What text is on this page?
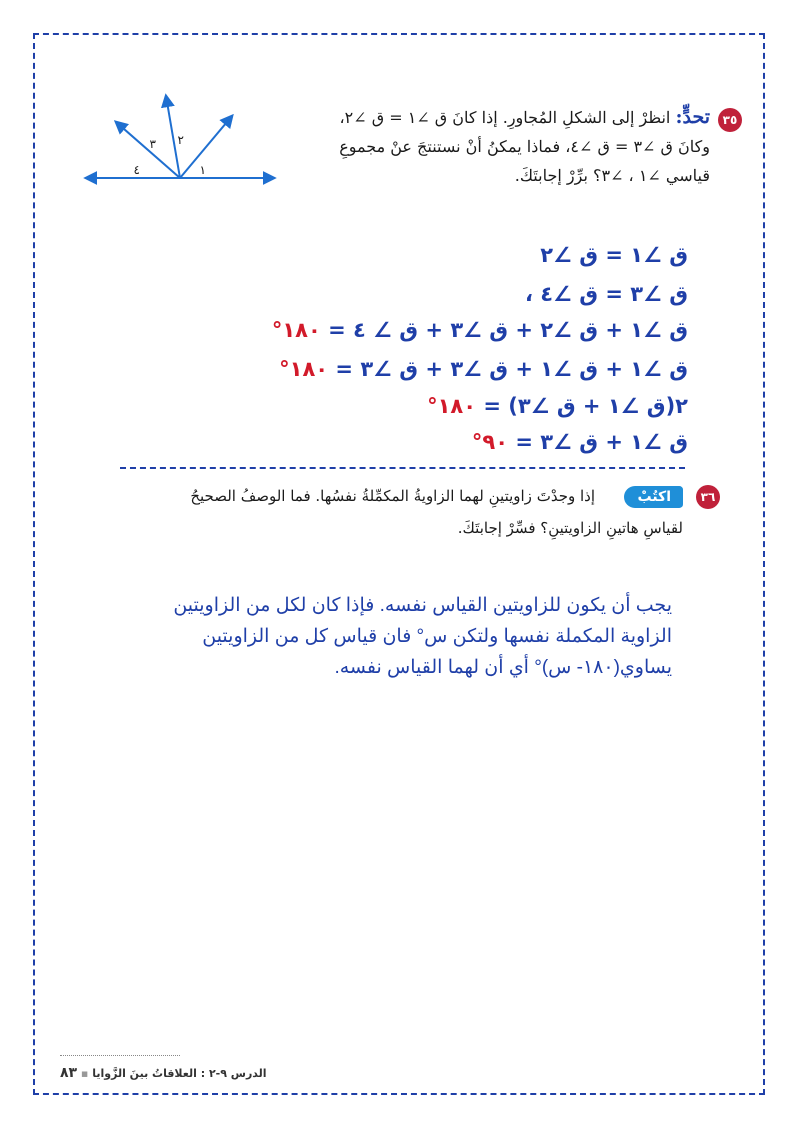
١
٢
٣
٤
٣٥
تحدٍّ: انظرْ إلى الشكلِ المُجاورِ. إذا كانَ ق ∠١ = ق ∠٢،
وكانَ ق ∠٣ = ق ∠٤، فماذا يمكنُ أنْ نستنتجَ عنْ مجموعِ
قياسي ∠١ ، ∠٣؟ برِّرْ إجابتَكَ.
ق ∠١ = ق ∠٢
ق ∠٣ = ق ∠٤ ،
ق ∠١ + ق ∠٢ + ق ∠٣ + ق ∠ ٤ = ١٨٠°
ق ∠١ + ق ∠١ + ق ∠٣ + ق ∠٣ = ١٨٠°
٢(ق ∠١ + ق ∠٣) = ١٨٠°
ق ∠١ + ق ∠٣ = ٩٠°
٣٦
اكتُبْ
إذا وجدْتَ زاويتينِ لهما الزاويةُ المكمِّلةُ نفسُها. فما الوصفُ الصحيحُ
لقياسِ هاتينِ الزاويتينِ؟ فسِّرْ إجابتَكَ.
يجب أن يكون للزاويتين القياس نفسه. فإذا كان لكل من الزاويتين
الزاوية المكملة نفسها ولتكن س° فان قياس كل من الزاويتين
يساوي(١٨٠- س)° أي أن لهما القياس نفسه.
الدرس ٩-٢ : العلاقاتُ بينَ الزَّوايا ▪ ٨٣
